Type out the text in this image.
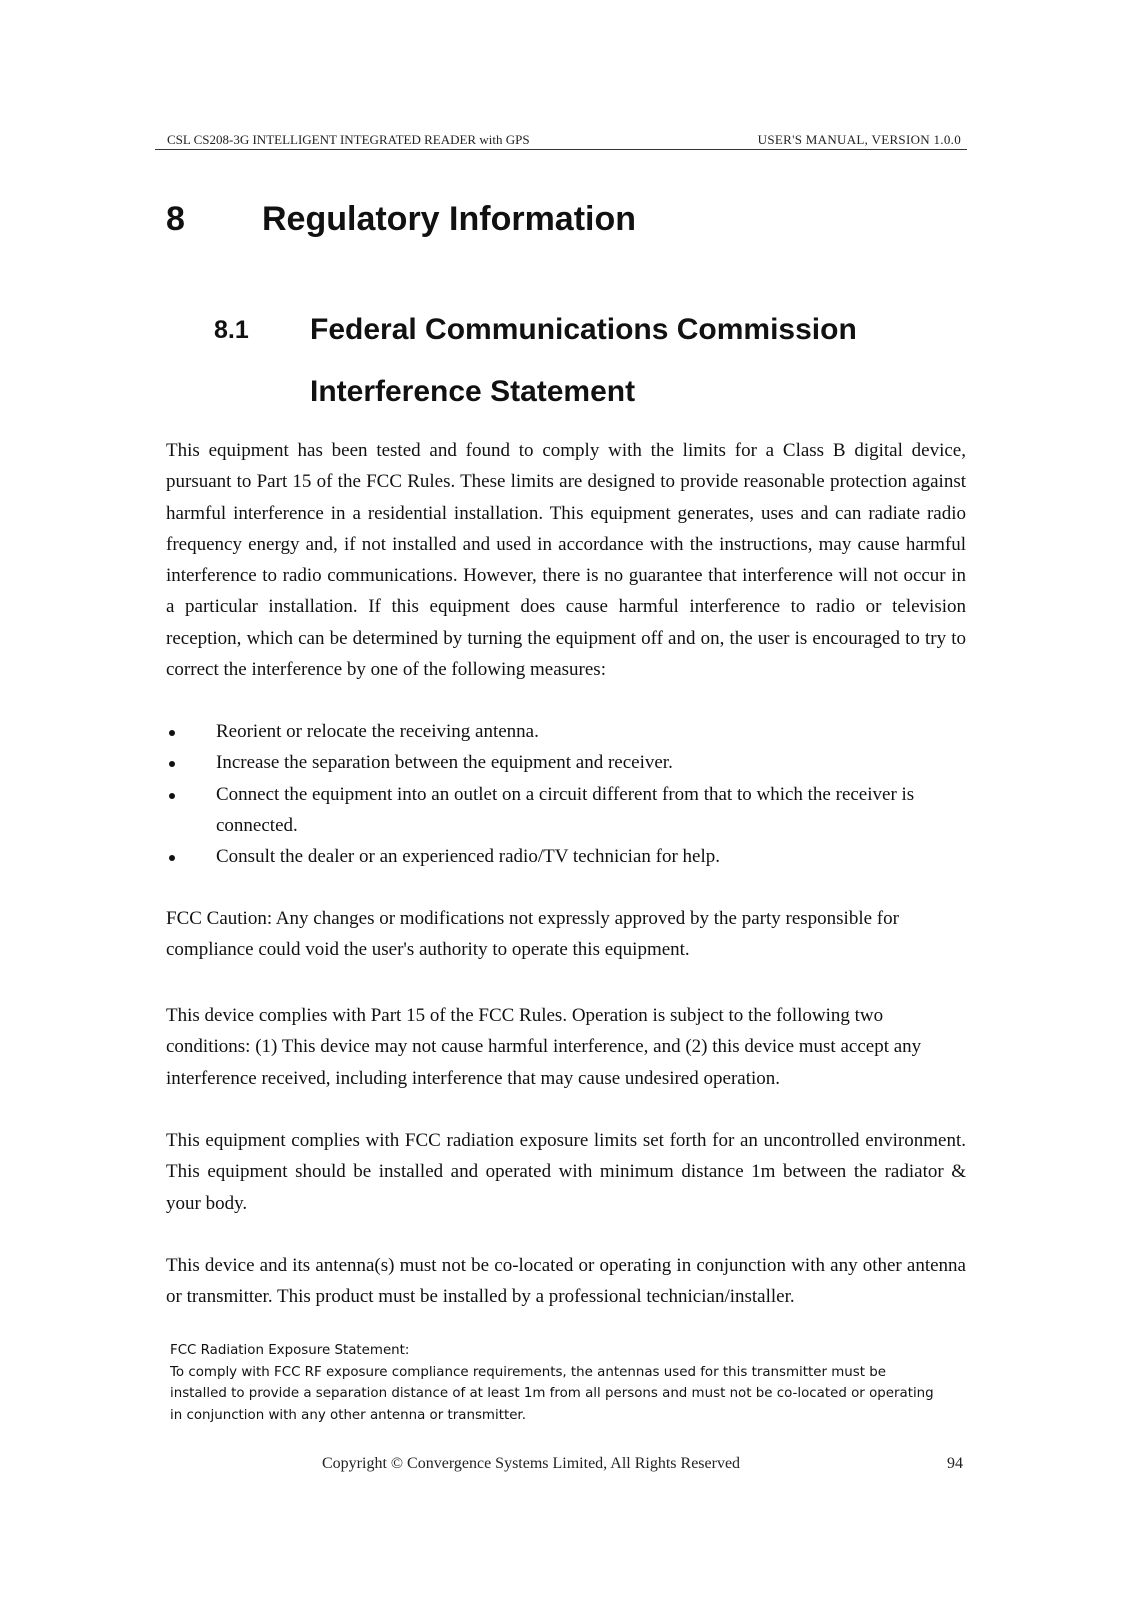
CSL CS208-3G INTELLIGENT INTEGRATED READER with GPS	USER'S MANUAL, VERSION 1.0.0
8	Regulatory Information
8.1 Federal Communications Commission
Interference Statement
This equipment has been tested and found to comply with the limits for a Class B digital device, pursuant to Part 15 of the FCC Rules. These limits are designed to provide reasonable protection against harmful interference in a residential installation. This equipment generates, uses and can radiate radio frequency energy and, if not installed and used in accordance with the instructions, may cause harmful interference to radio communications. However, there is no guarantee that interference will not occur in a particular installation. If this equipment does cause harmful interference to radio or television reception, which can be determined by turning the equipment off and on, the user is encouraged to try to correct the interference by one of the following measures:
Reorient or relocate the receiving antenna.
Increase the separation between the equipment and receiver.
Connect the equipment into an outlet on a circuit different from that to which the receiver is connected.
Consult the dealer or an experienced radio/TV technician for help.
FCC Caution: Any changes or modifications not expressly approved by the party responsible for compliance could void the user's authority to operate this equipment.
This device complies with Part 15 of the FCC Rules. Operation is subject to the following two conditions: (1) This device may not cause harmful interference, and (2) this device must accept any interference received, including interference that may cause undesired operation.
This equipment complies with FCC radiation exposure limits set forth for an uncontrolled environment. This equipment should be installed and operated with minimum distance 1m between the radiator & your body.
This device and its antenna(s) must not be co-located or operating in conjunction with any other antenna or transmitter. This product must be installed by a professional technician/installer.
FCC Radiation Exposure Statement:
To comply with FCC RF exposure compliance requirements, the antennas used for this transmitter must be
installed to provide a separation distance of at least 1m from all persons and must not be co-located or operating
in conjunction with any other antenna or transmitter.
Copyright © Convergence Systems Limited, All Rights Reserved	94
